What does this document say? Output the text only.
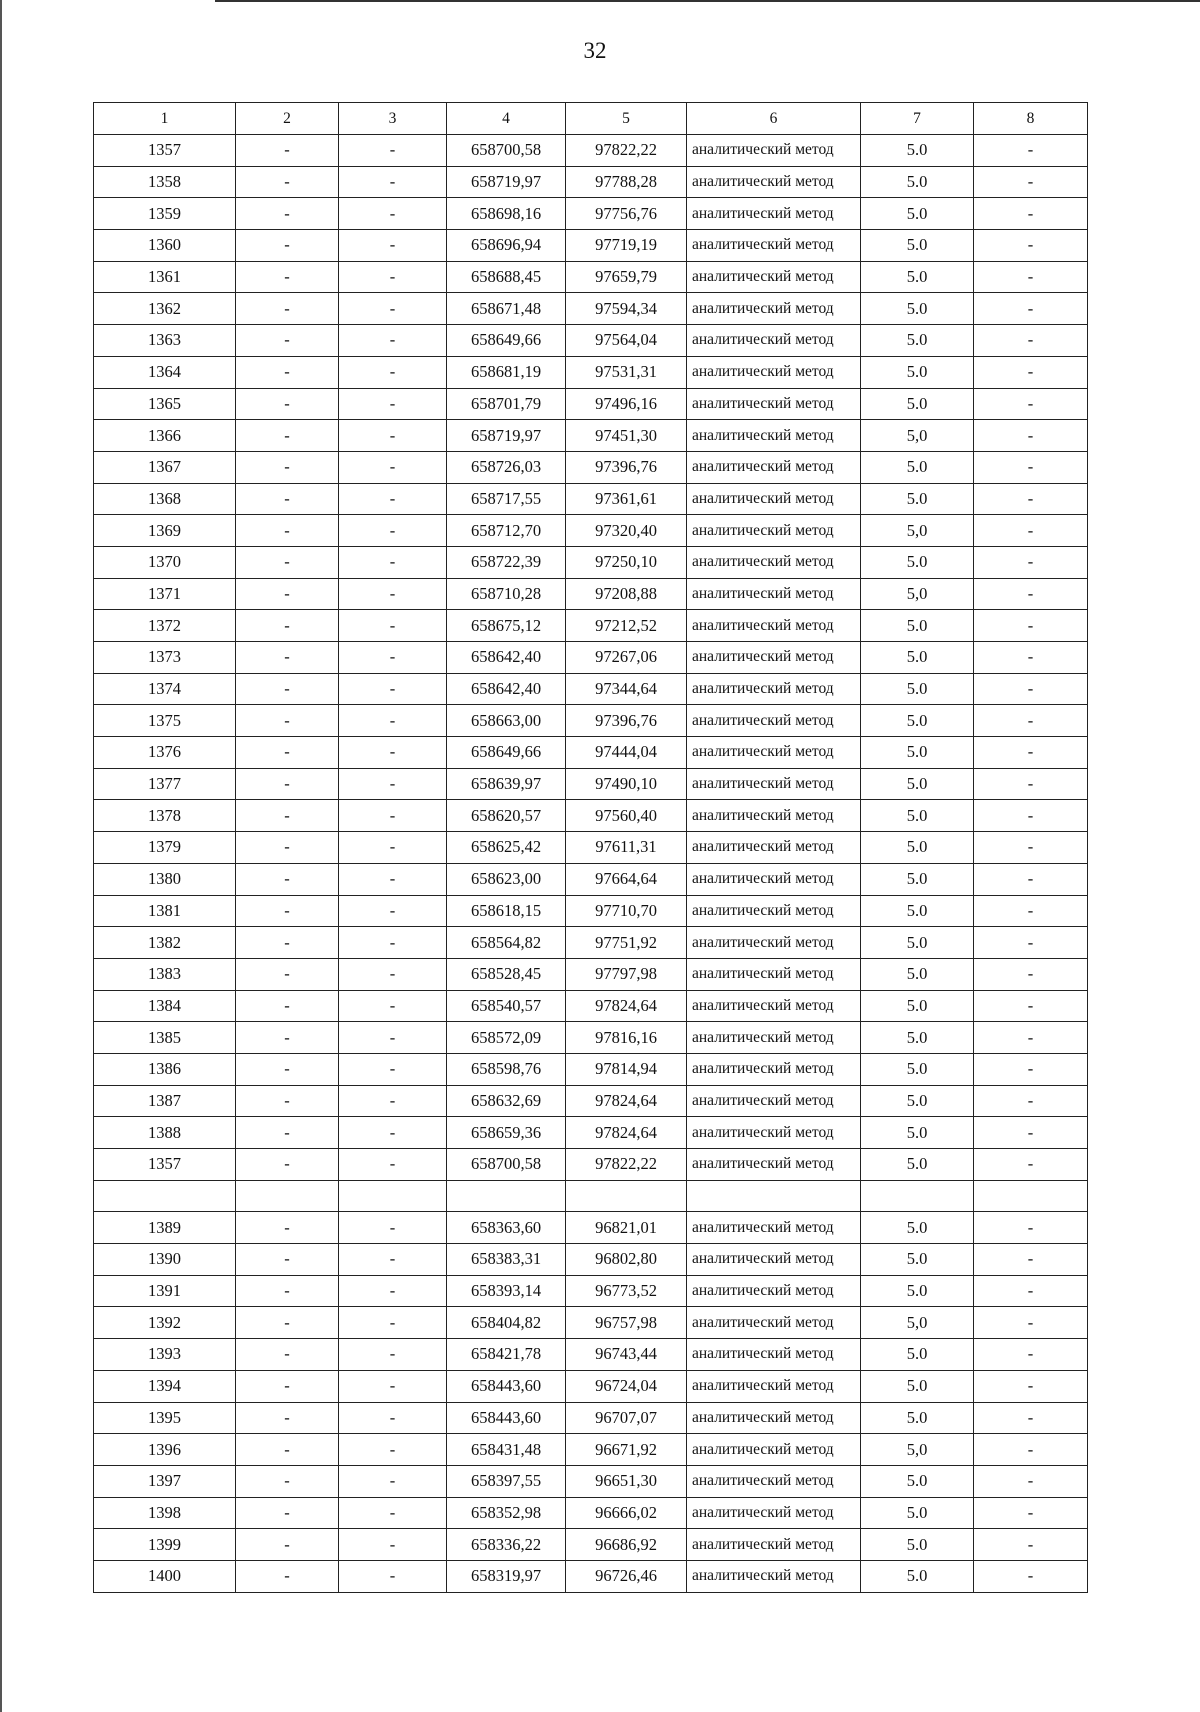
32
1	2	3	4	5	6	7	8
1357	-	-	658700,58	97822,22	аналитический метод	5.0	-
1358	-	-	658719,97	97788,28	аналитический метод	5.0	-
1359	-	-	658698,16	97756,76	аналитический метод	5.0	-
1360	-	-	658696,94	97719,19	аналитический метод	5.0	-
1361	-	-	658688,45	97659,79	аналитический метод	5.0	-
1362	-	-	658671,48	97594,34	аналитический метод	5.0	-
1363	-	-	658649,66	97564,04	аналитический метод	5.0	-
1364	-	-	658681,19	97531,31	аналитический метод	5.0	-
1365	-	-	658701,79	97496,16	аналитический метод	5.0	-
1366	-	-	658719,97	97451,30	аналитический метод	5,0	-
1367	-	-	658726,03	97396,76	аналитический метод	5.0	-
1368	-	-	658717,55	97361,61	аналитический метод	5.0	-
1369	-	-	658712,70	97320,40	аналитический метод	5,0	-
1370	-	-	658722,39	97250,10	аналитический метод	5.0	-
1371	-	-	658710,28	97208,88	аналитический метод	5,0	-
1372	-	-	658675,12	97212,52	аналитический метод	5.0	-
1373	-	-	658642,40	97267,06	аналитический метод	5.0	-
1374	-	-	658642,40	97344,64	аналитический метод	5.0	-
1375	-	-	658663,00	97396,76	аналитический метод	5.0	-
1376	-	-	658649,66	97444,04	аналитический метод	5.0	-
1377	-	-	658639,97	97490,10	аналитический метод	5.0	-
1378	-	-	658620,57	97560,40	аналитический метод	5.0	-
1379	-	-	658625,42	97611,31	аналитический метод	5.0	-
1380	-	-	658623,00	97664,64	аналитический метод	5.0	-
1381	-	-	658618,15	97710,70	аналитический метод	5.0	-
1382	-	-	658564,82	97751,92	аналитический метод	5.0	-
1383	-	-	658528,45	97797,98	аналитический метод	5.0	-
1384	-	-	658540,57	97824,64	аналитический метод	5.0	-
1385	-	-	658572,09	97816,16	аналитический метод	5.0	-
1386	-	-	658598,76	97814,94	аналитический метод	5.0	-
1387	-	-	658632,69	97824,64	аналитический метод	5.0	-
1388	-	-	658659,36	97824,64	аналитический метод	5.0	-
1357	-	-	658700,58	97822,22	аналитический метод	5.0	-

1389	-	-	658363,60	96821,01	аналитический метод	5.0	-
1390	-	-	658383,31	96802,80	аналитический метод	5.0	-
1391	-	-	658393,14	96773,52	аналитический метод	5.0	-
1392	-	-	658404,82	96757,98	аналитический метод	5,0	-
1393	-	-	658421,78	96743,44	аналитический метод	5.0	-
1394	-	-	658443,60	96724,04	аналитический метод	5.0	-
1395	-	-	658443,60	96707,07	аналитический метод	5.0	-
1396	-	-	658431,48	96671,92	аналитический метод	5,0	-
1397	-	-	658397,55	96651,30	аналитический метод	5.0	-
1398	-	-	658352,98	96666,02	аналитический метод	5.0	-
1399	-	-	658336,22	96686,92	аналитический метод	5.0	-
1400	-	-	658319,97	96726,46	аналитический метод	5.0	-
